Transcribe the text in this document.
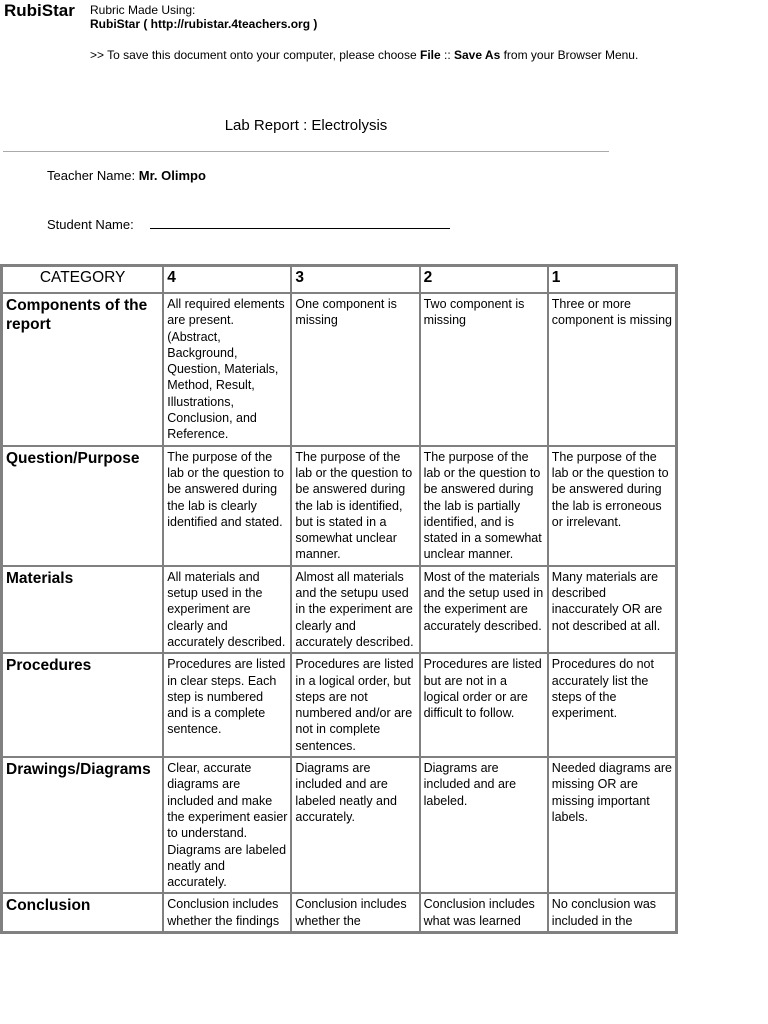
RubiStar Rubric Made Using:
RubiStar ( http://rubistar.4teachers.org )
>> To save this document onto your computer, please choose File :: Save As from your Browser Menu.
Lab Report : Electrolysis
Teacher Name: Mr. Olimpo
Student Name:
CATEGORY	4	3	2	1
Components of the report	All required elements are present. (Abstract, Background, Question, Materials, Method, Result, Illustrations, Conclusion, and Reference.	One component is missing	Two component is missing	Three or more component is missing
Question/Purpose	The purpose of the lab or the question to be answered during the lab is clearly identified and stated.	The purpose of the lab or the question to be answered during the lab is identified, but is stated in a somewhat unclear manner.	The purpose of the lab or the question to be answered during the lab is partially identified, and is stated in a somewhat unclear manner.	The purpose of the lab or the question to be answered during the lab is erroneous or irrelevant.
Materials	All materials and setup used in the experiment are clearly and accurately described.	Almost all materials and the setupu used in the experiment are clearly and accurately described.	Most of the materials and the setup used in the experiment are accurately described.	Many materials are described inaccurately OR are not described at all.
Procedures	Procedures are listed in clear steps. Each step is numbered and is a complete sentence.	Procedures are listed in a logical order, but steps are not numbered and/or are not in complete sentences.	Procedures are listed but are not in a logical order or are difficult to follow.	Procedures do not accurately list the steps of the experiment.
Drawings/Diagrams	Clear, accurate diagrams are included and make the experiment easier to understand. Diagrams are labeled neatly and accurately.	Diagrams are included and are labeled neatly and accurately.	Diagrams are included and are labeled.	Needed diagrams are missing OR are missing important labels.
Conclusion	Conclusion includes whether the findings	Conclusion includes whether the	Conclusion includes what was learned	No conclusion was included in the
